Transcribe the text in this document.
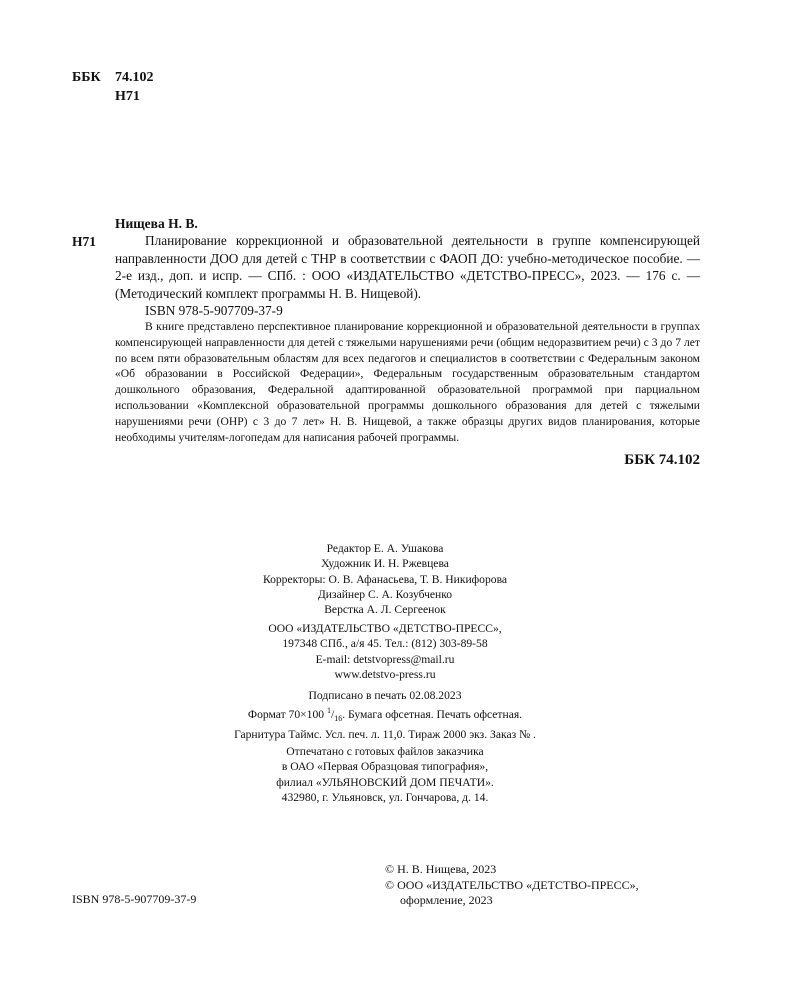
ББК 74.102
Н71
Нищева Н. В.
Н71	Планирование коррекционной и образовательной деятельности в группе компенсирующей направленности ДОО для детей с ТНР в соответствии с ФАОП ДО: учебно-методическое пособие. — 2-е изд., доп. и испр. — СПб. : ООО «ИЗДАТЕЛЬСТВО «ДЕТСТВО-ПРЕСС», 2023. — 176 с. — (Методический комплект программы Н. В. Нищевой).

ISBN 978-5-907709-37-9

В книге представлено перспективное планирование коррекционной и образовательной деятельности в группах компенсирующей направленности для детей с тяжелыми нарушениями речи (общим недоразвитием речи) с 3 до 7 лет по всем пяти образовательным областям для всех педагогов и специалистов в соответствии с Федеральным законом «Об образовании в Российской Федерации», Федеральным государственным образовательным стандартом дошкольного образования, Федеральной адаптированной образовательной программой при парциальном использовании «Комплексной образовательной программы дошкольного образования для детей с тяжелыми нарушениями речи (ОНР) с 3 до 7 лет» Н. В. Нищевой, а также образцы других видов планирования, которые необходимы учителям-логопедам для написания рабочей программы.
ББК 74.102
Редактор Е. А. Ушакова
Художник И. Н. Ржевцева
Корректоры: О. В. Афанасьева, Т. В. Никифорова
Дизайнер С. А. Козубченко
Верстка А. Л. Сергеенок
ООО «ИЗДАТЕЛЬСТВО «ДЕТСТВО-ПРЕСС»,
197348 СПб., а/я 45. Тел.: (812) 303-89-58
E-mail: detstvopress@mail.ru
www.detstvo-press.ru
Подписано в печать 02.08.2023
Формат 70×100 $^1/_{16}$. Бумага офсетная. Печать офсетная.
Гарнитура Таймс. Усл. печ. л. 11,0. Тираж 2000 экз. Заказ № .
Отпечатано с готовых файлов заказчика
в ОАО «Первая Образцовая типография»,
филиал «УЛЬЯНОВСКИЙ ДОМ ПЕЧАТИ».
432980, г. Ульяновск, ул. Гончарова, д. 14.
© Н. В. Нищева, 2023
© ООО «ИЗДАТЕЛЬСТВО «ДЕТСТВО-ПРЕСС»,
оформление, 2023
ISBN 978-5-907709-37-9
